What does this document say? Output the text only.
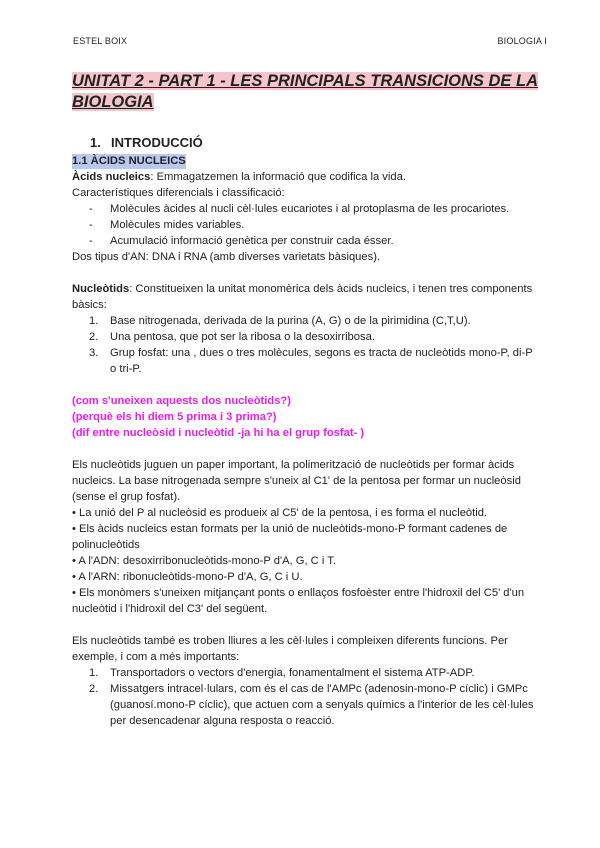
ESTEL BOIX	BIOLOGIA I
UNITAT 2 - PART 1 - LES PRINCIPALS TRANSICIONS DE LA BIOLOGIA
1. INTRODUCCIÓ
1.1 ÀCIDS NUCLEICS

Àcids nucleics: Emmagatzemen la informació que codifica la vida.

Característiques diferencials i classificació:

- Molècules àcides al nucli cèl·lules eucariotes i al protoplasma de les procariotes.
- Molècules mides variables.
- Acumulació informació genètica per construir cada ésser.

Dos tipus d'AN: DNA i RNA (amb diverses varietats bàsiques).

Nucleòtids: Constitueixen la unitat monomèrica dels àcids nucleics, i tenen tres components bàsics:

1. Base nitrogenada, derivada de la purina (A, G) o de la pirimidina (C,T,U).
2. Una pentosa, que pot ser la ribosa o la desoxirribosa.
3. Grup fosfat: una , dues o tres molècules, segons es tracta de nucleòtids mono-P, di-P o tri-P.

(com s'uneixen aquests dos nucleòtids?)

(perquè els hi diem 5 prima i 3 prima?)

(dif entre nucleòsid i nucleòtid -ja hi ha el grup fosfat- )

Els nucleòtids juguen un paper important, la polimerització de nucleòtids per formar àcids nucleics. La base nitrogenada sempre s'uneix al C1' de la pentosa per formar un nucleòsid (sense el grup fosfat).

• La unió del P al nucleòsid es produeix al C5' de la pentosa, i es forma el nucleòtid.

• Els àcids nucleics estan formats per la unió de nucleòtids-mono-P formant cadenes de polinucleòtids

• A l'ADN: desoxirribonucleòtids-mono-P d'A, G, C i T.

• A l'ARN: ribonucleòtids-mono-P d'A, G, C i U.

• Els monòmers s'uneixen mitjançant ponts o enllaços fosfoèster entre l'hidroxil del C5' d'un nucleòtid i l'hidroxil del C3' del següent.

Els nucleòtids també es troben lliures a les cèl·lules i compleixen diferents funcions. Per exemple, i com a més importants:

1. Transportadors o vectors d'energia, fonamentalment el sistema ATP-ADP.
2. Missatgers intracel·lulars, com és el cas de l'AMPc (adenosin-mono-P cíclic) i GMPc (guanosí.mono-P cíclic), que actuen com a senyals químics a l'interior de les cèl·lules per desencadenar alguna resposta o reacció.
